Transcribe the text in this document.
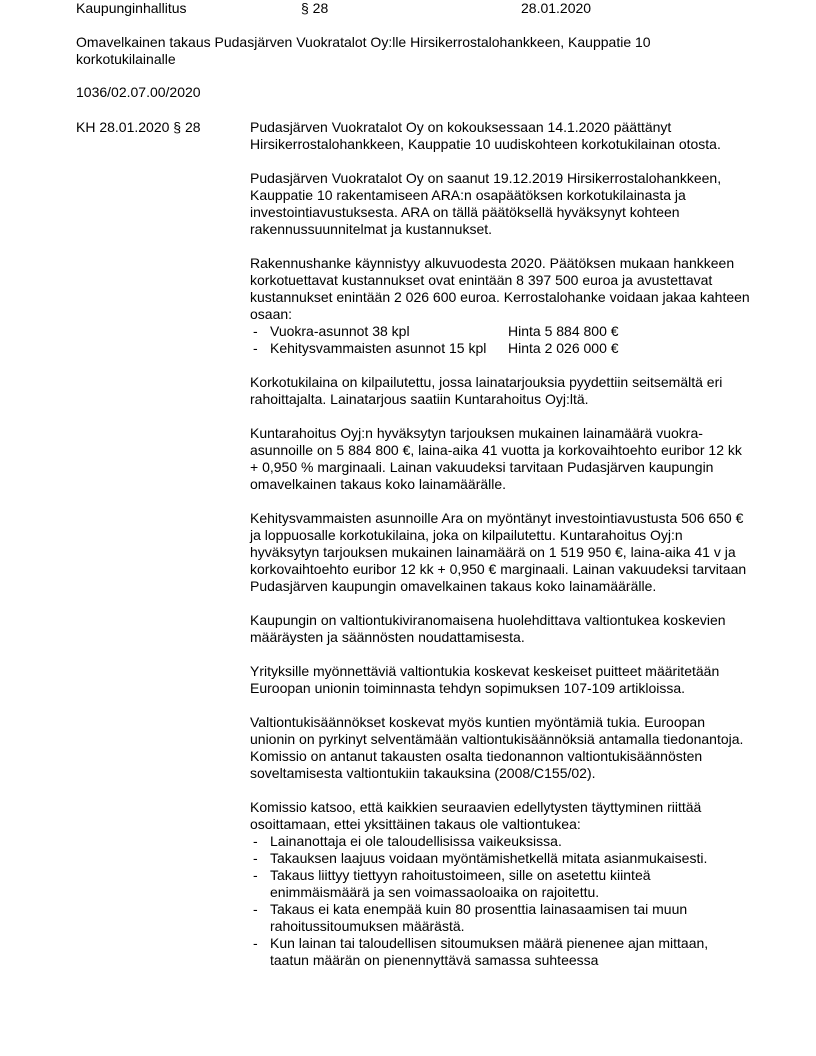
Kaupunginhallitus	§ 28	28.01.2020
Omavelkainen takaus Pudasjärven Vuokratalot Oy:lle Hirsikerrostalohankkeen, Kauppatie 10 korkotukilainalle
1036/02.07.00/2020
KH 28.01.2020 § 28	Pudasjärven Vuokratalot Oy on kokouksessaan 14.1.2020 päättänyt Hirsikerrostalohankkeen, Kauppatie 10 uudiskohteen korkotukilainan otosta.

Pudasjärven Vuokratalot Oy on saanut 19.12.2019 Hirsikerrostalohankkeen, Kauppatie 10 rakentamiseen ARA:n osapäätöksen korkotukilainasta ja investointiavustuksesta. ARA on tällä päätöksellä hyväksynyt kohteen rakennussuunnitelmat ja kustannukset.

Rakennushanke käynnistyy alkuvuodesta 2020. Päätöksen mukaan hankkeen korkotuettavat kustannukset ovat enintään 8 397 500 euroa ja avustettavat kustannukset enintään 2 026 600 euroa. Kerrostalohanke voidaan jakaa kahteen osaan:

- Vuokra-asunnot 38 kpl	Hinta 5 884 800 €
- Kehitysvammaisten asunnot 15 kpl Hinta 2 026 000 €

Korkotukilaina on kilpailutettu, jossa lainatarjouksia pyydettiin seitsemältä eri rahoittajalta. Lainatarjous saatiin Kuntarahoitus Oyj:ltä.

Kuntarahoitus Oyj:n hyväksytyn tarjouksen mukainen lainamäärä vuokra-asunnoille on 5 884 800 €, laina-aika 41 vuotta ja korkovaihtoehto euribor 12 kk + 0,950 % marginaali. Lainan vakuudeksi tarvitaan Pudasjärven kaupungin omavelkainen takaus koko lainamäärälle.

Kehitysvammaisten asunnoille Ara on myöntänyt investointiavustusta 506 650 € ja loppuosalle korkotukilaina, joka on kilpailutettu. Kuntarahoitus Oyj:n hyväksytyn tarjouksen mukainen lainamäärä on 1 519 950 €, laina-aika 41 v ja korkovaihtoehto euribor 12 kk + 0,950 € marginaali. Lainan vakuudeksi tarvitaan Pudasjärven kaupungin omavelkainen takaus koko lainamäärälle.

Kaupungin on valtiontukiviranomaisena huolehdittava valtiontukea koskevien määräysten ja säännösten noudattamisesta.

Yrityksille myönnettäviä valtiontukia koskevat keskeiset puitteet määritetään Euroopan unionin toiminnasta tehdyn sopimuksen 107-109 artikloissa.

Valtiontukisäännökset koskevat myös kuntien myöntämiä tukia. Euroopan unionin on pyrkinyt selventämään valtiontukisäännöksiä antamalla tiedonantoja. Komissio on antanut takausten osalta tiedonannon valtiontukisäännösten soveltamisesta valtiontukiin takauksina (2008/C155/02).

Komissio katsoo, että kaikkien seuraavien edellytysten täyttyminen riittää osoittamaan, ettei yksittäinen takaus ole valtiontukea:

- Lainanottaja ei ole taloudellisissa vaikeuksissa.
- Takauksen laajuus voidaan myöntämishetkellä mitata asianmukaisesti.
- Takaus liittyy tiettyyn rahoitustoimeen, sille on asetettu kiinteä enimmäismäärä ja sen voimassaoloaika on rajoitettu.
- Takaus ei kata enempää kuin 80 prosenttia lainasaamisen tai muun rahoitussitoumuksen määrästä.
- Kun lainan tai taloudellisen sitoumuksen määrä pienenee ajan mittaan, taatun määrän on pienennyttävä samassa suhteessa
